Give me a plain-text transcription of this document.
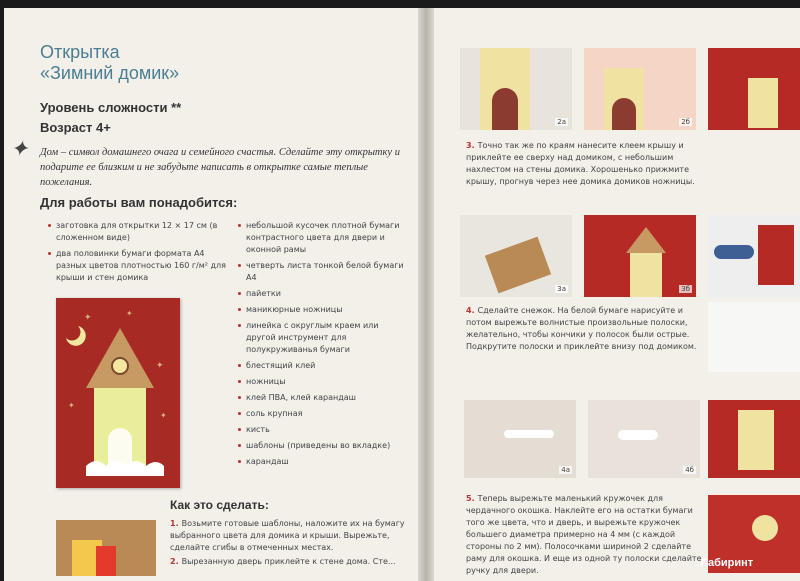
Открытка
«Зимний домик»
Уровень сложности **
Возраст 4+
✦ Дом – символ домашнего очага и семейного счастья. Сделайте эту открытку и подарите ее близким и не забудьте написать в открытке самые теплые пожелания.
Для работы вам понадобится:
заготовка для открытки 12 × 17 см (в сложенном виде)
два половинки бумаги формата А4 разных цветов плотностью 160 г/м² для крыши и стен домика
небольшой кусочек плотной бумаги контрастного цвета для двери и оконной рамы
четверть листа тонкой белой бумаги А4
пайетки
маникюрные ножницы
линейка с округлым краем или другой инструмент для полукруживанья бумаги
блестящий клей
ножницы
клей ПВА, клей карандаш
соль крупная
кисть
шаблоны (приведены во вкладке)
карандаш
✦	✦
✦
✦
✦
Как это сделать:
1. Возьмите готовые шаблоны, наложите их на бумагу выбранного цвета для домика и крыши. Вырежьте, сделайте сгибы в отмеченных местах.
2. Вырезанную дверь приклейте к стене дома. Сте...
2а	2б
3а	3б
4а	4б
3. Точно так же по краям нанесите клеем крышу и приклейте ее сверху над домиком, с небольшим нахлестом на стены домика. Хорошенько прижмите крышу, прогнув через нее домика домиков ножницы.
4. Сделайте снежок. На белой бумаге нарисуйте и потом вырежьте волнистые произвольные полоски, желательно, чтобы кончики у полосок были острые. Подкрутите полоски и приклейте внизу под домиком.
5. Теперь вырежьте маленький кружочек для чердачного окошка. Наклейте его на остатки бумаги того же цвета, что и дверь, и вырежьте кружочек большего диаметра примерно на 4 мм (с каждой стороны по 2 мм). Полосочками шириной 2 сделайте раму для окошка. И еще из одной ту полоски сделайте ручку для двери.
Лабиринт
